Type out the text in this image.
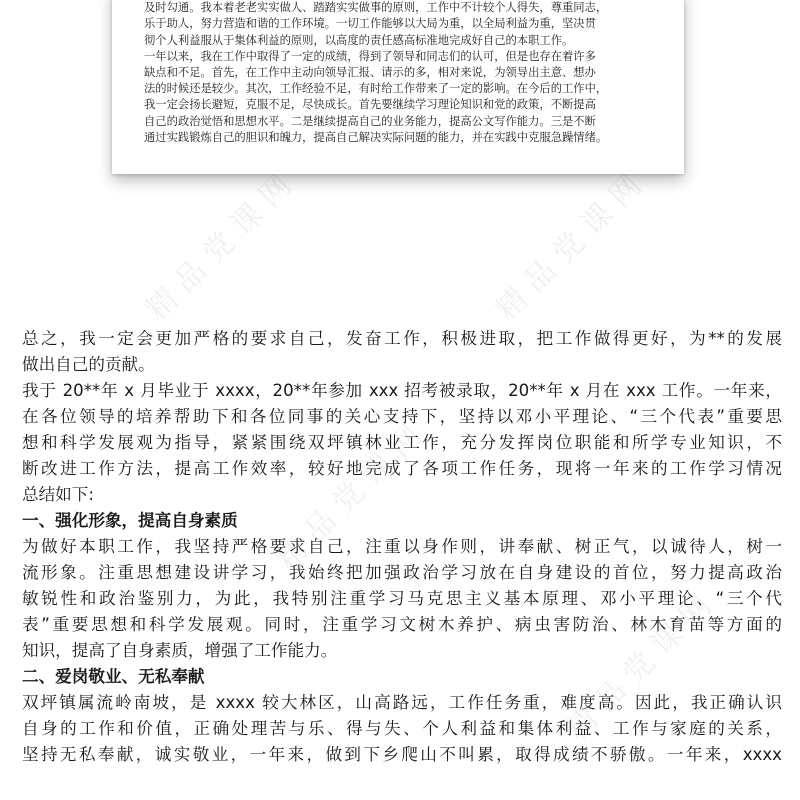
精品党课网	精品党课网
精品党课网
精品党课网
及时勾通。我本着老老实实做人、踏踏实实做事的原则，工作中不计较个人得失，尊重同志，
乐于助人，努力营造和谐的工作环境。一切工作能够以大局为重，以全局利益为重，坚决贯
彻个人利益服从于集体利益的原则，以高度的责任感高标准地完成好自己的本职工作。
一年以来，我在工作中取得了一定的成绩，得到了领导和同志们的认可，但是也存在着许多
缺点和不足。首先，在工作中主动向领导汇报、请示的多，相对来说，为领导出主意、想办
法的时候还是较少。其次，工作经验不足，有时给工作带来了一定的影响。在今后的工作中，
我一定会扬长避短，克服不足，尽快成长。首先要继续学习理论知识和党的政策，不断提高
自己的政治觉悟和思想水平。二是继续提高自己的业务能力，提高公文写作能力。三是不断
通过实践锻炼自己的胆识和魄力，提高自己解决实际问题的能力，并在实践中克服急躁情绪。
总之，我一定会更加严格的要求自己，发奋工作，积极进取，把工作做得更好，为**的发展
做出自己的贡献。
我于 20**年 x 月毕业于 xxxx，20**年参加 xxx 招考被录取，20**年 x 月在 xxx 工作。一年来，
在各位领导的培养帮助下和各位同事的关心支持下，坚持以邓小平理论、“三个代表”重要思
想和科学发展观为指导，紧紧围绕双坪镇林业工作，充分发挥岗位职能和所学专业知识，不
断改进工作方法，提高工作效率，较好地完成了各项工作任务，现将一年来的工作学习情况
总结如下:
一、强化形象，提高自身素质
为做好本职工作，我坚持严格要求自己，注重以身作则，讲奉献、树正气，以诚待人，树一
流形象。注重思想建设讲学习，我始终把加强政治学习放在自身建设的首位，努力提高政治
敏锐性和政治鉴别力，为此，我特别注重学习马克思主义基本原理、邓小平理论、“三个代
表”重要思想和科学发展观。同时，注重学习文树木养护、病虫害防治、林木育苗等方面的
知识，提高了自身素质，增强了工作能力。
二、爱岗敬业、无私奉献
双坪镇属流岭南坡，是 xxxx 较大林区，山高路远，工作任务重，难度高。因此，我正确认识
自身的工作和价值，正确处理苦与乐、得与失、个人利益和集体利益、工作与家庭的关系，
坚持无私奉献，诚实敬业，一年来，做到下乡爬山不叫累，取得成绩不骄傲。一年来，xxxx
